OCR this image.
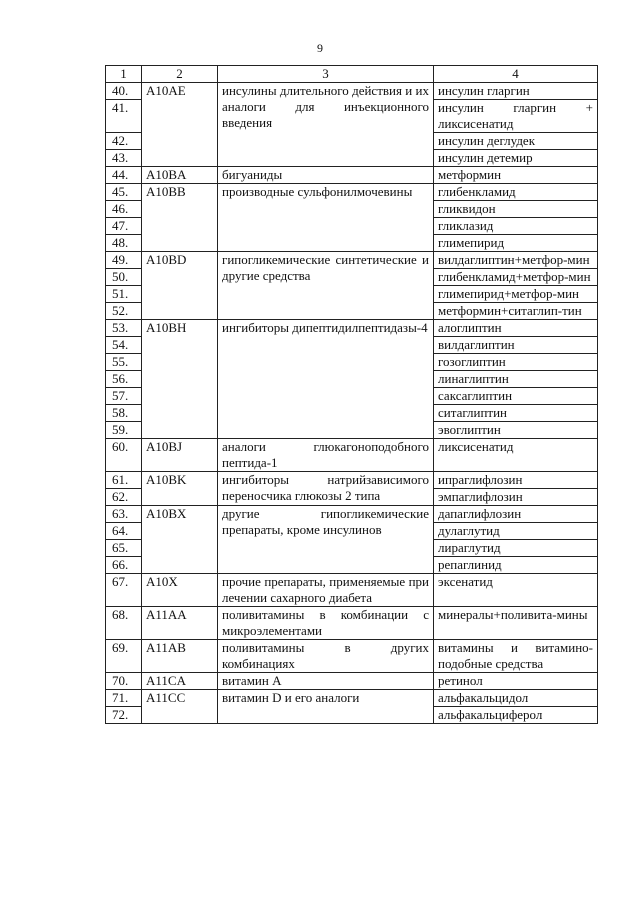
9
1	2	3	4
40.	A10AE	инсулины длительного действия и их аналоги для инъекционного введения	инсулин гларгин
41.			инсулин гларгин + ликсисенатид
42.			инсулин деглудек
43.			инсулин детемир
44.	A10BA	бигуаниды	метформин
45.	A10BB	производные сульфонилмочевины	глибенкламид
46.			гликвидон
47.			гликлазид
48.			глимепирид
49.	A10BD	гипогликемические синтетические и другие средства	вилдаглиптин+метфор-мин
50.			глибенкламид+метфор-мин
51.			глимепирид+метфор-мин
52.			метформин+ситаглип-тин
53.	A10BH	ингибиторы дипептидилпептидазы-4	алоглиптин
54.			вилдаглиптин
55.			гозоглиптин
56.			линаглиптин
57.			саксаглиптин
58.			ситаглиптин
59.			эвоглиптин
60.	A10BJ	аналоги глюкагоноподобного пептида-1	ликсисенатид
61.	A10BK	ингибиторы натрийзависимого переносчика глюкозы 2 типа	ипраглифлозин
62.			эмпаглифлозин
63.	A10BX	другие гипогликемические препараты, кроме инсулинов	дапаглифлозин
64.			дулаглутид
65.			лираглутид
66.			репаглинид
67.	A10X	прочие препараты, применяемые при лечении сахарного диабета	эксенатид
68.	A11AA	поливитамины в комбинации с микроэлементами	минералы+поливита-мины
69.	A11AB	поливитамины в других комбинациях	витамины и витамино-подобные средства
70.	A11CA	витамин А	ретинол
71.	A11CC	витамин D и его аналоги	альфакальцидол
72.			альфакальциферол
